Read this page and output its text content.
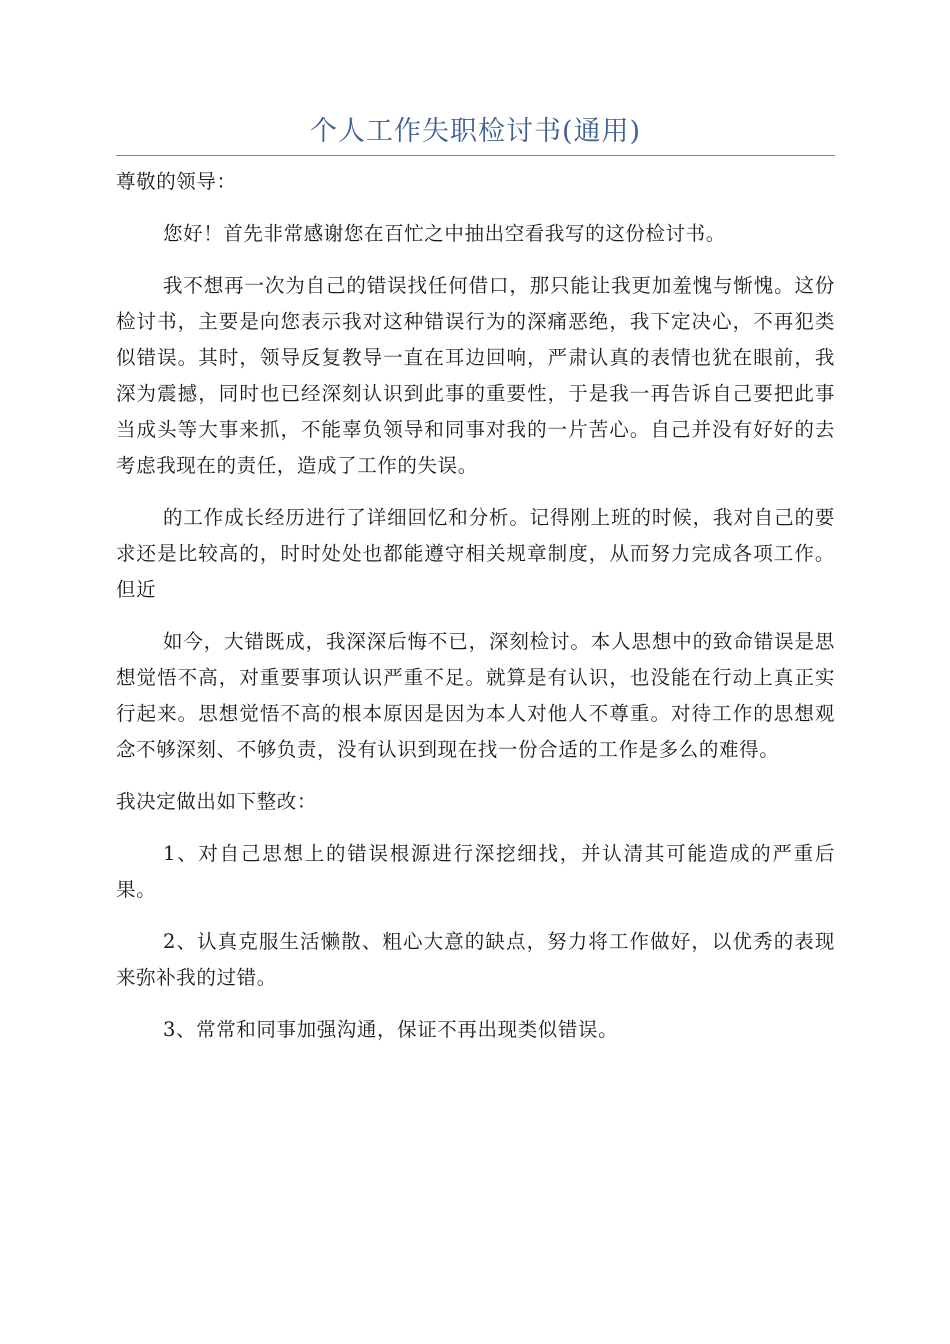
个人工作失职检讨书(通用)

尊敬的领导：

您好！首先非常感谢您在百忙之中抽出空看我写的这份检讨书。

我不想再一次为自己的错误找任何借口，那只能让我更加羞愧与惭愧。这份检讨书，主要是向您表示我对这种错误行为的深痛恶绝，我下定决心，不再犯类似错误。其时，领导反复教导一直在耳边回响，严肃认真的表情也犹在眼前，我深为震撼，同时也已经深刻认识到此事的重要性，于是我一再告诉自己要把此事当成头等大事来抓，不能辜负领导和同事对我的一片苦心。自己并没有好好的去考虑我现在的责任，造成了工作的失误。

的工作成长经历进行了详细回忆和分析。记得刚上班的时候，我对自己的要求还是比较高的，时时处处也都能遵守相关规章制度，从而努力完成各项工作。但近

如今，大错既成，我深深后悔不已，深刻检讨。本人思想中的致命错误是思想觉悟不高，对重要事项认识严重不足。就算是有认识，也没能在行动上真正实行起来。思想觉悟不高的根本原因是因为本人对他人不尊重。对待工作的思想观念不够深刻、不够负责，没有认识到现在找一份合适的工作是多么的难得。

我决定做出如下整改：

1、对自己思想上的错误根源进行深挖细找，并认清其可能造成的严重后果。

2、认真克服生活懒散、粗心大意的缺点，努力将工作做好，以优秀的表现来弥补我的过错。

3、常常和同事加强沟通，保证不再出现类似错误。
